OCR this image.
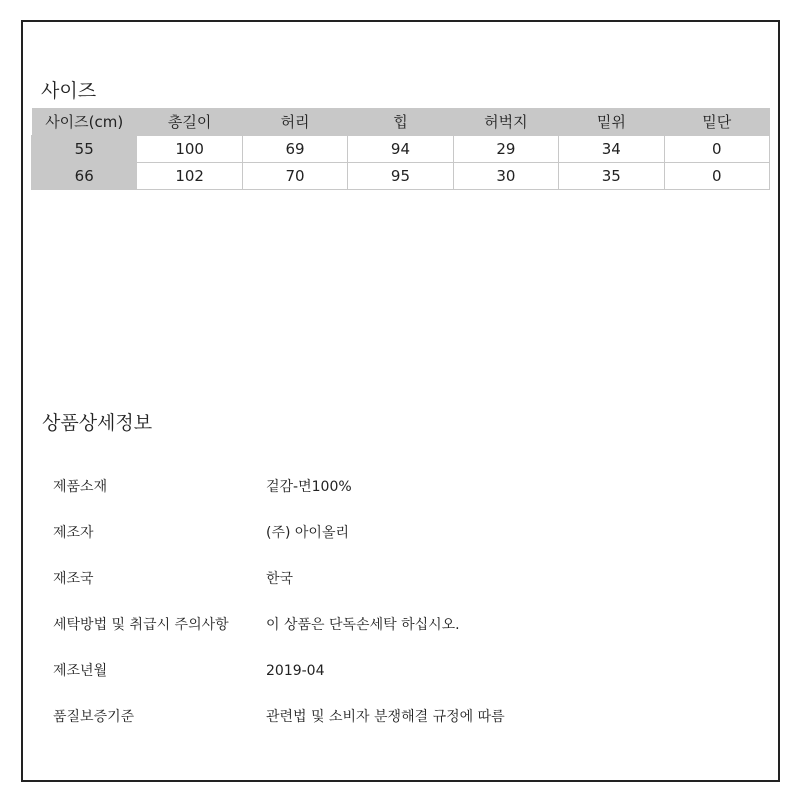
사이즈
사이즈(cm)	총길이	허리	힙	허벅지	밑위	밑단
55	100	69	94	29	34	0
66	102	70	95	30	35	0
상품상세정보
제품소재	겉감-면100%
제조자	(주) 아이올리
재조국	한국
세탁방법 및 취급시 주의사항	이 상품은 단독손세탁 하십시오.
제조년월	2019-04
품질보증기준	관련법 및 소비자 분쟁해결 규정에 따름
